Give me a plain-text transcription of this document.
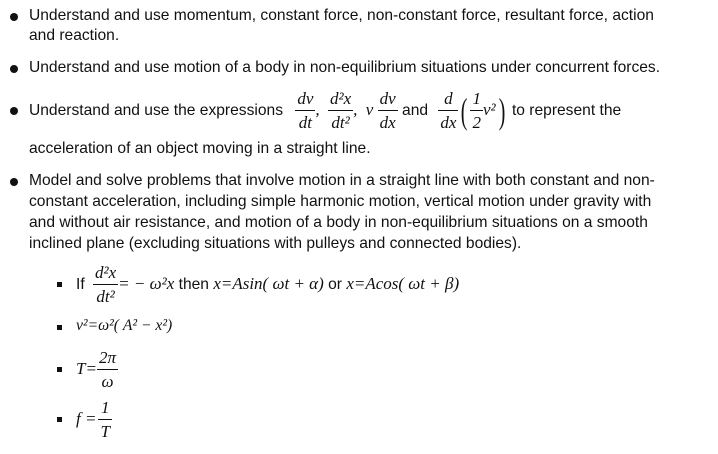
Understand and use momentum, constant force, non-constant force, resultant force, action
and reaction.
Understand and use motion of a body in non-equilibrium situations under concurrent forces.
Understand and use the expressions $\frac{dv}{dt}$ , $\frac{\text{d²x}}{\text{dt²}}$ , v $\frac{dv}{dx}$ and $\frac{d}{dx}$ ( $\frac{1}{2} v^2$) to represent the
acceleration of an object moving in a straight line.
Model and solve problems that involve motion in a straight line with both constant and non-
constant acceleration, including simple harmonic motion, vertical motion under gravity with
and without air resistance, and motion of a body in non-equilibrium situations on a smooth
inclined plane (excluding situations with pulleys and connected bodies).
If $\frac{\text{d²x}}{\text{dt²}}$ = − ω²x then x=Asin( ωt + α) or x=Acos( ωt + β)
v²=ω²( A² − x²)
$T= \frac{2\pi}{\omega}$
$f = \frac{1}{T}$
